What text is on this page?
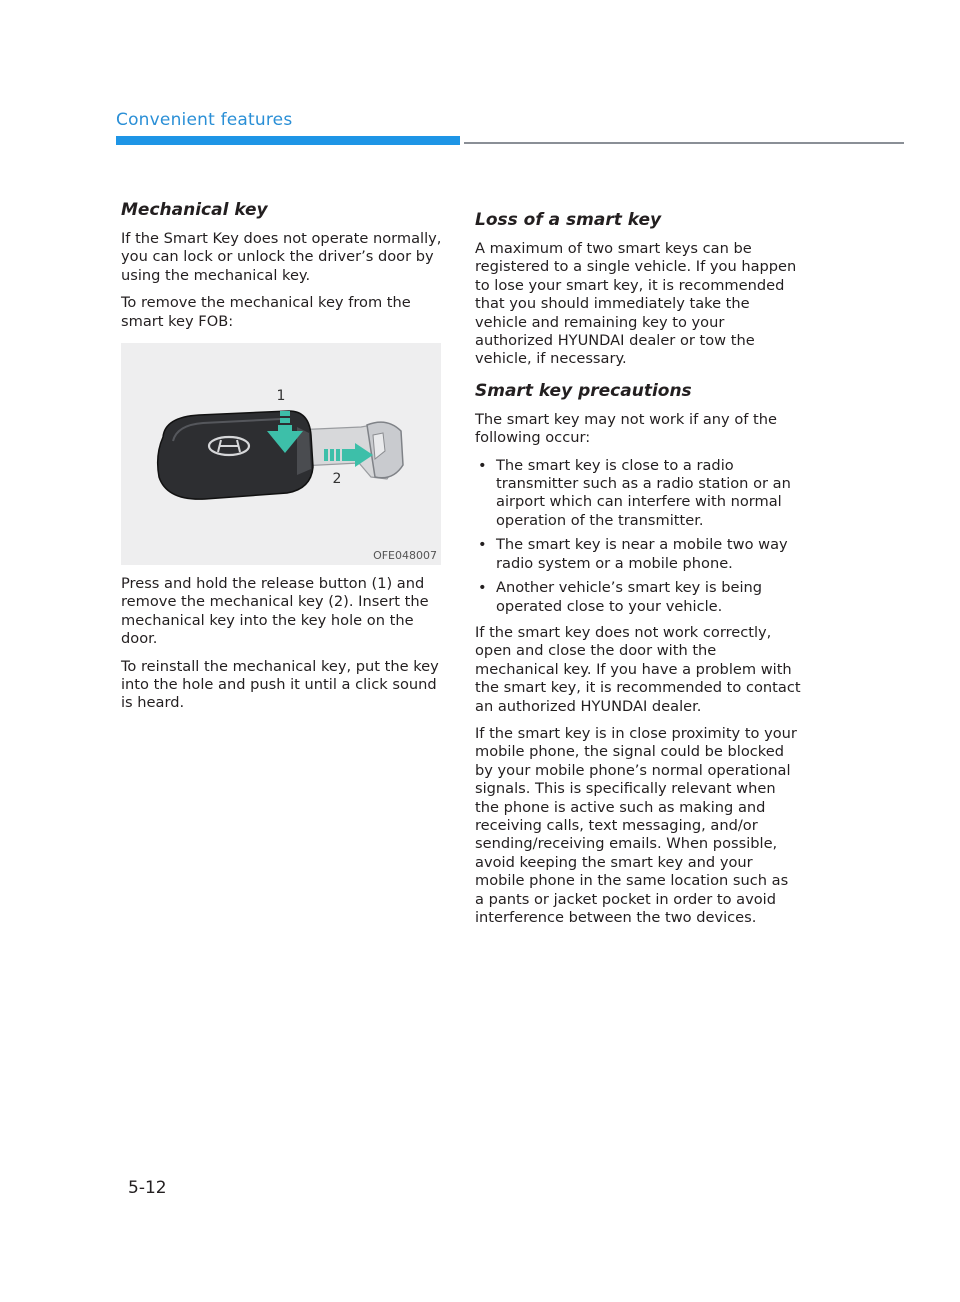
Convenient features
Mechanical key

If the Smart Key does not operate normally, you can lock or unlock the driver’s door by using the mechanical key.

To remove the mechanical key from the smart key FOB:

1
2
OFE048007

Press and hold the release button (1) and remove the mechanical key (2). Insert the mechanical key into the key hole on the door.

To reinstall the mechanical key, put the key into the hole and push it until a click sound is heard.

Loss of a smart key

A maximum of two smart keys can be registered to a single vehicle. If you happen to lose your smart key, it is recommended that you should immediately take the vehicle and remaining key to your authorized HYUNDAI dealer or tow the vehicle, if necessary.

Smart key precautions

The smart key may not work if any of the following occur:

• The smart key is close to a radio transmitter such as a radio station or an airport which can interfere with normal operation of the transmitter.
• The smart key is near a mobile two way radio system or a mobile phone.
• Another vehicle’s smart key is being operated close to your vehicle.

If the smart key does not work correctly, open and close the door with the mechanical key. If you have a problem with the smart key, it is recommended to contact an authorized HYUNDAI dealer.

If the smart key is in close proximity to your mobile phone, the signal could be blocked by your mobile phone’s normal operational signals. This is specifically relevant when the phone is active such as making and receiving calls, text messaging, and/or sending/receiving emails. When possible, avoid keeping the smart key and your mobile phone in the same location such as a pants or jacket pocket in order to avoid interference between the two devices.

5-12
